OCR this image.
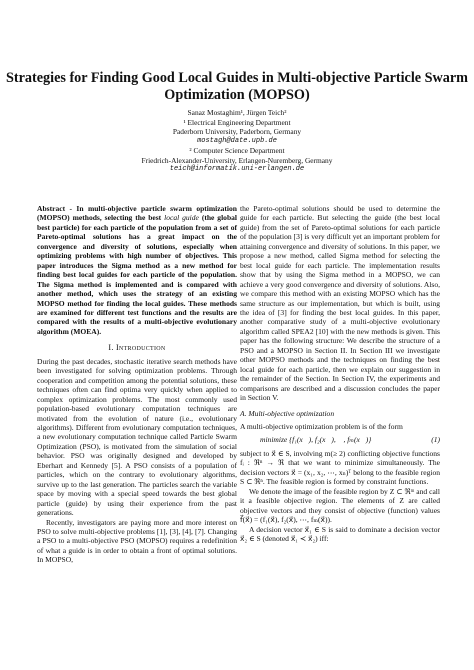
Strategies for Finding Good Local Guides in Multi-objective Particle Swarm Optimization (MOPSO)
Sanaz Mostaghim¹, Jürgen Teich²
¹ Electrical Engineering Department
Paderborn University, Paderborn, Germany
mostagh@date.upb.de
² Computer Science Department
Friedrich-Alexander-University, Erlangen-Nuremberg, Germany
teich@informatik.uni-erlangen.de

Abstract - In multi-objective particle swarm optimization (MOPSO) methods, selecting the best local guide (the global best particle) for each particle of the population from a set of Pareto-optimal solutions has a great impact on the convergence and diversity of solutions, especially when optimizing problems with high number of objectives. This paper introduces the Sigma method as a new method for finding best local guides for each particle of the population. The Sigma method is implemented and is compared with another method, which uses the strategy of an existing MOPSO method for finding the local guides. These methods are examined for different test functions and the results are compared with the results of a multi-objective evolutionary algorithm (MOEA).

I. Introduction

During the past decades, stochastic iterative search methods have been investigated for solving optimization problems. Through cooperation and competition among the potential solutions, these techniques often can find optima very quickly when applied to complex optimization problems. The most commonly used population-based evolutionary computation techniques are motivated from the evolution of nature (i.e., evolutionary algorithms). Different from evolutionary computation techniques, a new evolutionary computation technique called Particle Swarm Optimization (PSO), is motivated from the simulation of social behavior. PSO was originally designed and developed by Eberhart and Kennedy [5]. A PSO consists of a population of particles, which on the contrary to evolutionary algorithms, survive up to the last generation. The particles search the variable space by moving with a special speed towards the best global particle (guide) by using their experience from the past generations.

Recently, investigators are paying more and more interest on PSO to solve multi-objective problems [1], [3], [4], [7]. Changing a PSO to a multi-objective PSO (MOPSO) requires a redefinition of what a guide is in order to obtain a front of optimal solutions. In MOPSO,

the Pareto-optimal solutions should be used to determine the guide for each particle. But selecting the guide (the best local guide) from the set of Pareto-optimal solutions for each particle of the population [3] is very difficult yet an important problem for attaining convergence and diversity of solutions. In this paper, we propose a new method, called Sigma method for selecting the best local guide for each particle. The implementation results show that by using the Sigma method in a MOPSO, we can achieve a very good convergence and diversity of solutions. Also, we compare this method with an existing MOPSO which has the same structure as our implementation, but which is built, using the idea of [3] for finding the best local guides. In this paper, another comparative study of a multi-objective evolutionary algorithm called SPEA2 [10] with the new methods is given. This paper has the following structure: We describe the structure of a PSO and a MOPSO in Section II. In Section III we investigate other MOPSO methods and the techniques on finding the best local guide for each particle, then we explain our suggestion in the remainder of the Section. In Section IV, the experiments and comparisons are described and a discussion concludes the paper in Section V.

A. Multi-objective optimization

A multi-objective optimization problem is of the form

minimize {f₁(x⃗), f₂(x⃗), ⋯, fₘ(x⃗)}	(1)

subject to x⃗ ∈ S, involving m(≥ 2) conflicting objective functions fᵢ : ℜⁿ → ℜ that we want to minimize simultaneously. The decision vectors x⃗ = (x₁, x₂, ⋯, xₙ)ᵀ belong to the feasible region S ⊂ ℜⁿ. The feasible region is formed by constraint functions.

We denote the image of the feasible region by Z ⊂ ℜᵐ and call it a feasible objective region. The elements of Z are called objective vectors and they consist of objective (function) values f⃗(x⃗) = (f₁(x⃗), f₂(x⃗), ⋯, fₘ(x⃗)).

A decision vector x⃗₁ ∈ S is said to dominate a decision vector x⃗₂ ∈ S (denoted x⃗₁ ≺ x⃗₂) iff:
